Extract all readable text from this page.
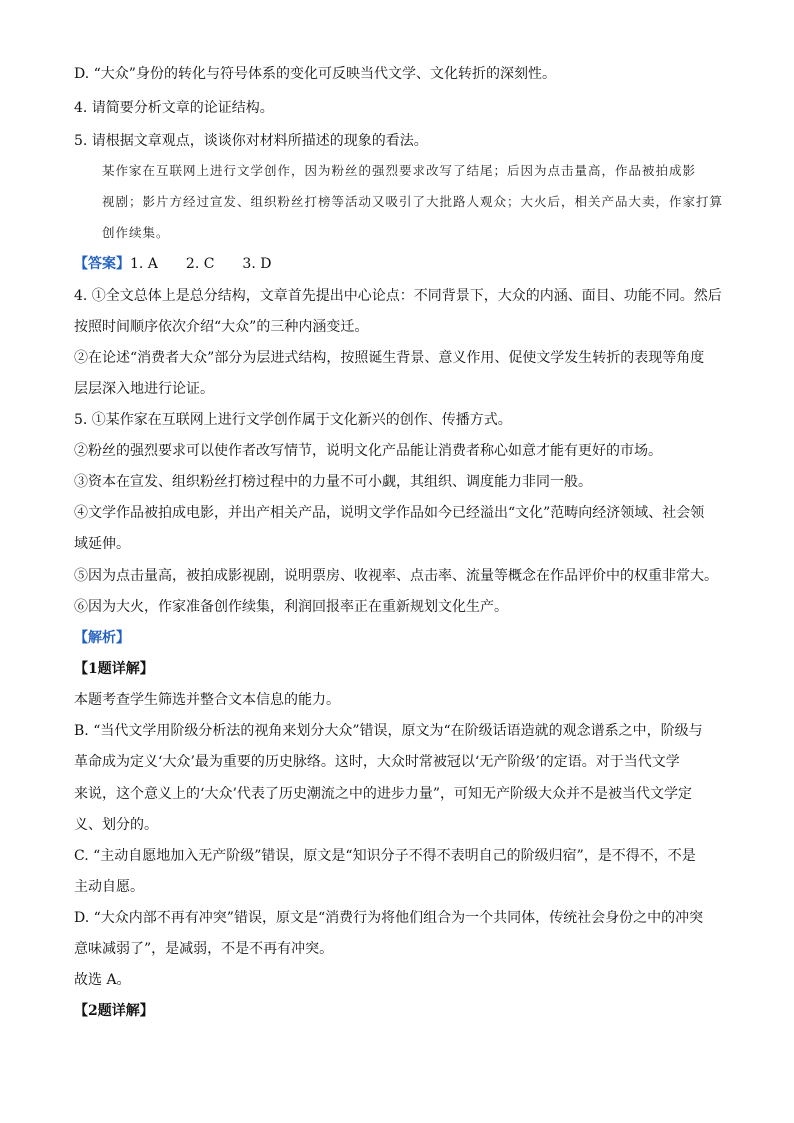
D. “大众”身份的转化与符号体系的变化可反映当代文学、文化转折的深刻性。
4. 请简要分析文章的论证结构。
5. 请根据文章观点，谈谈你对材料所描述的现象的看法。
某作家在互联网上进行文学创作，因为粉丝的强烈要求改写了结尾；后因为点击量高，作品被拍成影
视剧；影片方经过宣发、组织粉丝打榜等活动又吸引了大批路人观众；大火后，相关产品大卖，作家打算
创作续集。
【答案】1. A　　2. C　　3. D
4. ①全文总体上是总分结构，文章首先提出中心论点：不同背景下，大众的内涵、面目、功能不同。然后
按照时间顺序依次介绍“大众”的三种内涵变迁。
②在论述“消费者大众”部分为层进式结构，按照诞生背景、意义作用、促使文学发生转折的表现等角度
层层深入地进行论证。
5. ①某作家在互联网上进行文学创作属于文化新兴的创作、传播方式。
②粉丝的强烈要求可以使作者改写情节，说明文化产品能让消费者称心如意才能有更好的市场。
③资本在宣发、组织粉丝打榜过程中的力量不可小觑，其组织、调度能力非同一般。
④文学作品被拍成电影，并出产相关产品，说明文学作品如今已经溢出“文化”范畴向经济领域、社会领
域延伸。
⑤因为点击量高，被拍成影视剧，说明票房、收视率、点击率、流量等概念在作品评价中的权重非常大。
⑥因为大火，作家准备创作续集，利润回报率正在重新规划文化生产。
【解析】
【1题详解】
本题考查学生筛选并整合文本信息的能力。
B. “当代文学用阶级分析法的视角来划分大众”错误，原文为“在阶级话语造就的观念谱系之中，阶级与
革命成为定义‘大众’最为重要的历史脉络。这时，大众时常被冠以‘无产阶级’的定语。对于当代文学
来说，这个意义上的‘大众’代表了历史潮流之中的进步力量”，可知无产阶级大众并不是被当代文学定
义、划分的。
C. “主动自愿地加入无产阶级”错误，原文是“知识分子不得不表明自己的阶级归宿”，是不得不，不是
主动自愿。
D. “大众内部不再有冲突”错误，原文是“消费行为将他们组合为一个共同体，传统社会身份之中的冲突
意味减弱了”，是减弱，不是不再有冲突。
故选 A。
【2题详解】
